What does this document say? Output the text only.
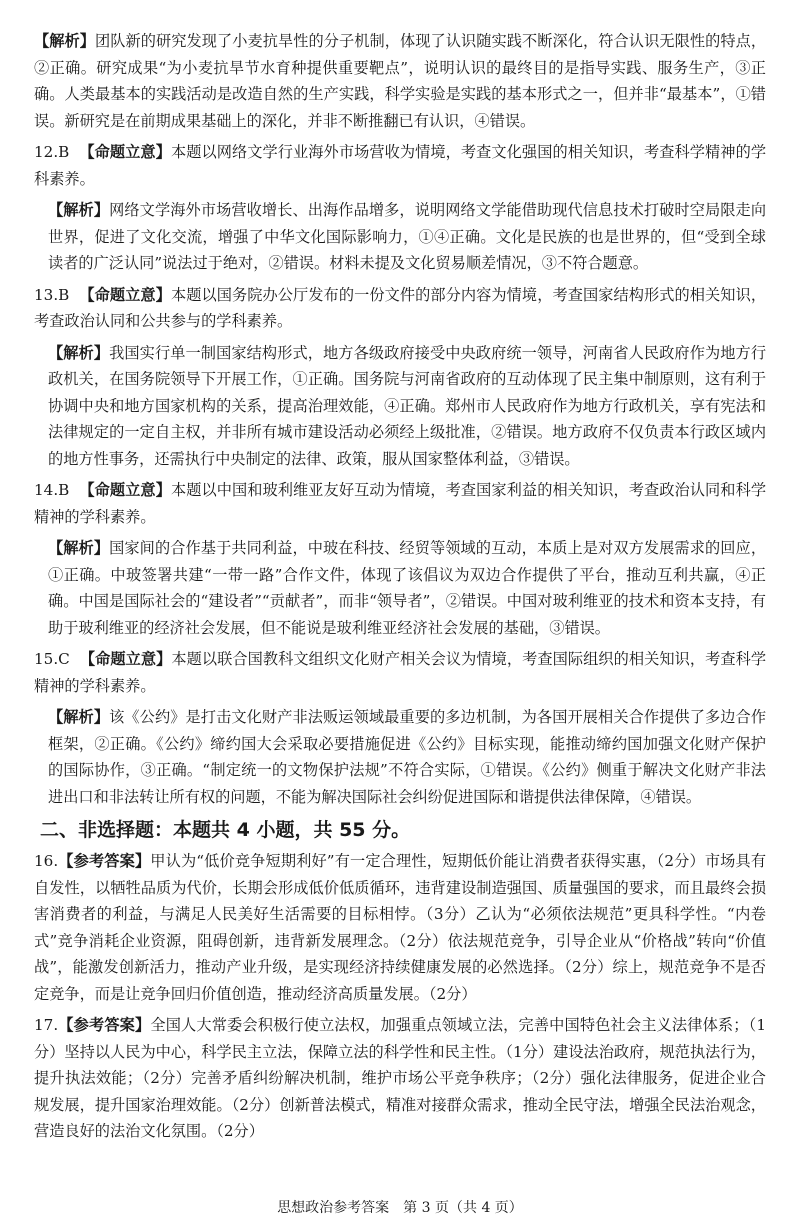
【解析】团队新的研究发现了小麦抗旱性的分子机制，体现了认识随实践不断深化，符合认识无限性的特点，②正确。研究成果“为小麦抗旱节水育种提供重要靶点”，说明认识的最终目的是指导实践、服务生产，③正确。人类最基本的实践活动是改造自然的生产实践，科学实验是实践的基本形式之一，但并非“最基本”，①错误。新研究是在前期成果基础上的深化，并非不断推翻已有认识，④错误。

12.B 【命题立意】本题以网络文学行业海外市场营收为情境，考查文化强国的相关知识，考查科学精神的学科素养。
【解析】网络文学海外市场营收增长、出海作品增多，说明网络文学能借助现代信息技术打破时空局限走向世界，促进了文化交流，增强了中华文化国际影响力，①④正确。文化是民族的也是世界的，但“受到全球读者的广泛认同”说法过于绝对，②错误。材料未提及文化贸易顺差情况，③不符合题意。
13.B 【命题立意】本题以国务院办公厅发布的一份文件的部分内容为情境，考查国家结构形式的相关知识，考查政治认同和公共参与的学科素养。
【解析】我国实行单一制国家结构形式，地方各级政府接受中央政府统一领导，河南省人民政府作为地方行政机关，在国务院领导下开展工作，①正确。国务院与河南省政府的互动体现了民主集中制原则，这有利于协调中央和地方国家机构的关系，提高治理效能，④正确。郑州市人民政府作为地方行政机关，享有宪法和法律规定的一定自主权，并非所有城市建设活动必须经上级批准，②错误。地方政府不仅负责本行政区域内的地方性事务，还需执行中央制定的法律、政策，服从国家整体利益，③错误。
14.B 【命题立意】本题以中国和玻利维亚友好互动为情境，考查国家利益的相关知识，考查政治认同和科学精神的学科素养。
【解析】国家间的合作基于共同利益，中玻在科技、经贸等领域的互动，本质上是对双方发展需求的回应，①正确。中玻签署共建“一带一路”合作文件，体现了该倡议为双边合作提供了平台，推动互利共赢，④正确。中国是国际社会的“建设者”“贡献者”，而非“领导者”，②错误。中国对玻利维亚的技术和资本支持，有助于玻利维亚的经济社会发展，但不能说是玻利维亚经济社会发展的基础，③错误。
15.C 【命题立意】本题以联合国教科文组织文化财产相关会议为情境，考查国际组织的相关知识，考查科学精神的学科素养。
【解析】该《公约》是打击文化财产非法贩运领域最重要的多边机制，为各国开展相关合作提供了多边合作框架，②正确。《公约》缔约国大会采取必要措施促进《公约》目标实现，能推动缔约国加强文化财产保护的国际协作，③正确。“制定统一的文物保护法规”不符合实际，①错误。《公约》侧重于解决文化财产非法进出口和非法转让所有权的问题，不能为解决国际社会纠纷促进国际和谐提供法律保障，④错误。
二、非选择题：本题共 4 小题，共 55 分。

16.【参考答案】甲认为“低价竞争短期利好”有一定合理性，短期低价能让消费者获得实惠，（2分）市场具有自发性，以牺牲品质为代价，长期会形成低价低质循环，违背建设制造强国、质量强国的要求，而且最终会损害消费者的利益，与满足人民美好生活需要的目标相悖。（3分）乙认为“必须依法规范”更具科学性。“内卷式”竞争消耗企业资源，阻碍创新，违背新发展理念。（2分）依法规范竞争，引导企业从“价格战”转向“价值战”，能激发创新活力，推动产业升级，是实现经济持续健康发展的必然选择。（2分）综上，规范竞争不是否定竞争，而是让竞争回归价值创造，推动经济高质量发展。（2分）

17.【参考答案】全国人大常委会积极行使立法权，加强重点领域立法，完善中国特色社会主义法律体系；（1分）坚持以人民为中心，科学民主立法，保障立法的科学性和民主性。（1分）建设法治政府，规范执法行为，提升执法效能；（2分）完善矛盾纠纷解决机制，维护市场公平竞争秩序；（2分）强化法律服务，促进企业合规发展，提升国家治理效能。（2分）创新普法模式，精准对接群众需求，推动全民守法，增强全民法治观念，营造良好的法治文化氛围。（2分）

思想政治参考答案　第 3 页（共 4 页）
